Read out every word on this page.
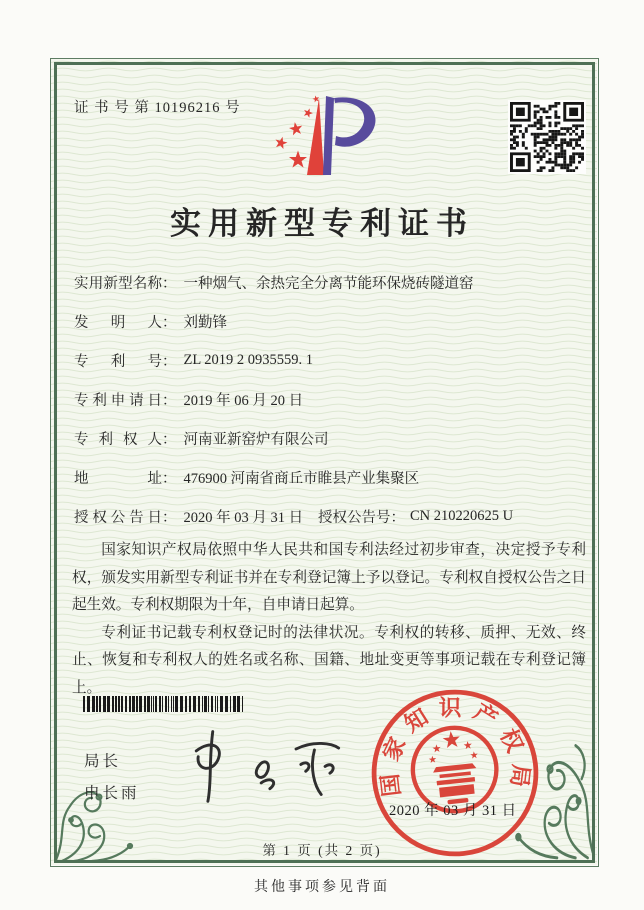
证 书 号 第 10196216 号
实用新型专利证书
实用新型名称 ： 一种烟气、余热完全分离节能环保烧砖隧道窑
发明人 ： 刘勤锋
专利号 ： ZL 2019 2 0935559. 1
专利申请日 ： 2019 年 06 月 20 日
专利权人 ： 河南亚新窑炉有限公司
地址 ： 476900 河南省商丘市睢县产业集聚区
授权公告日 ： 2020 年 03 月 31 日 授权公告号 ： CN 210220625 U

国家知识产权局依照中华人民共和国专利法经过初步审查，决定授予专利权，颁发实用新型专利证书并在专利登记簿上予以登记。专利权自授权公告之日起生效。专利权期限为十年，自申请日起算。

专利证书记载专利权登记时的法律状况。专利权的转移、质押、无效、终止、恢复和专利权人的姓名或名称、国籍、地址变更等事项记载在专利登记簿上。

局长
申长雨	国家知识产权局
2020 年 03 月 31 日
第 1 页 (共 2 页)
其他事项参见背面
